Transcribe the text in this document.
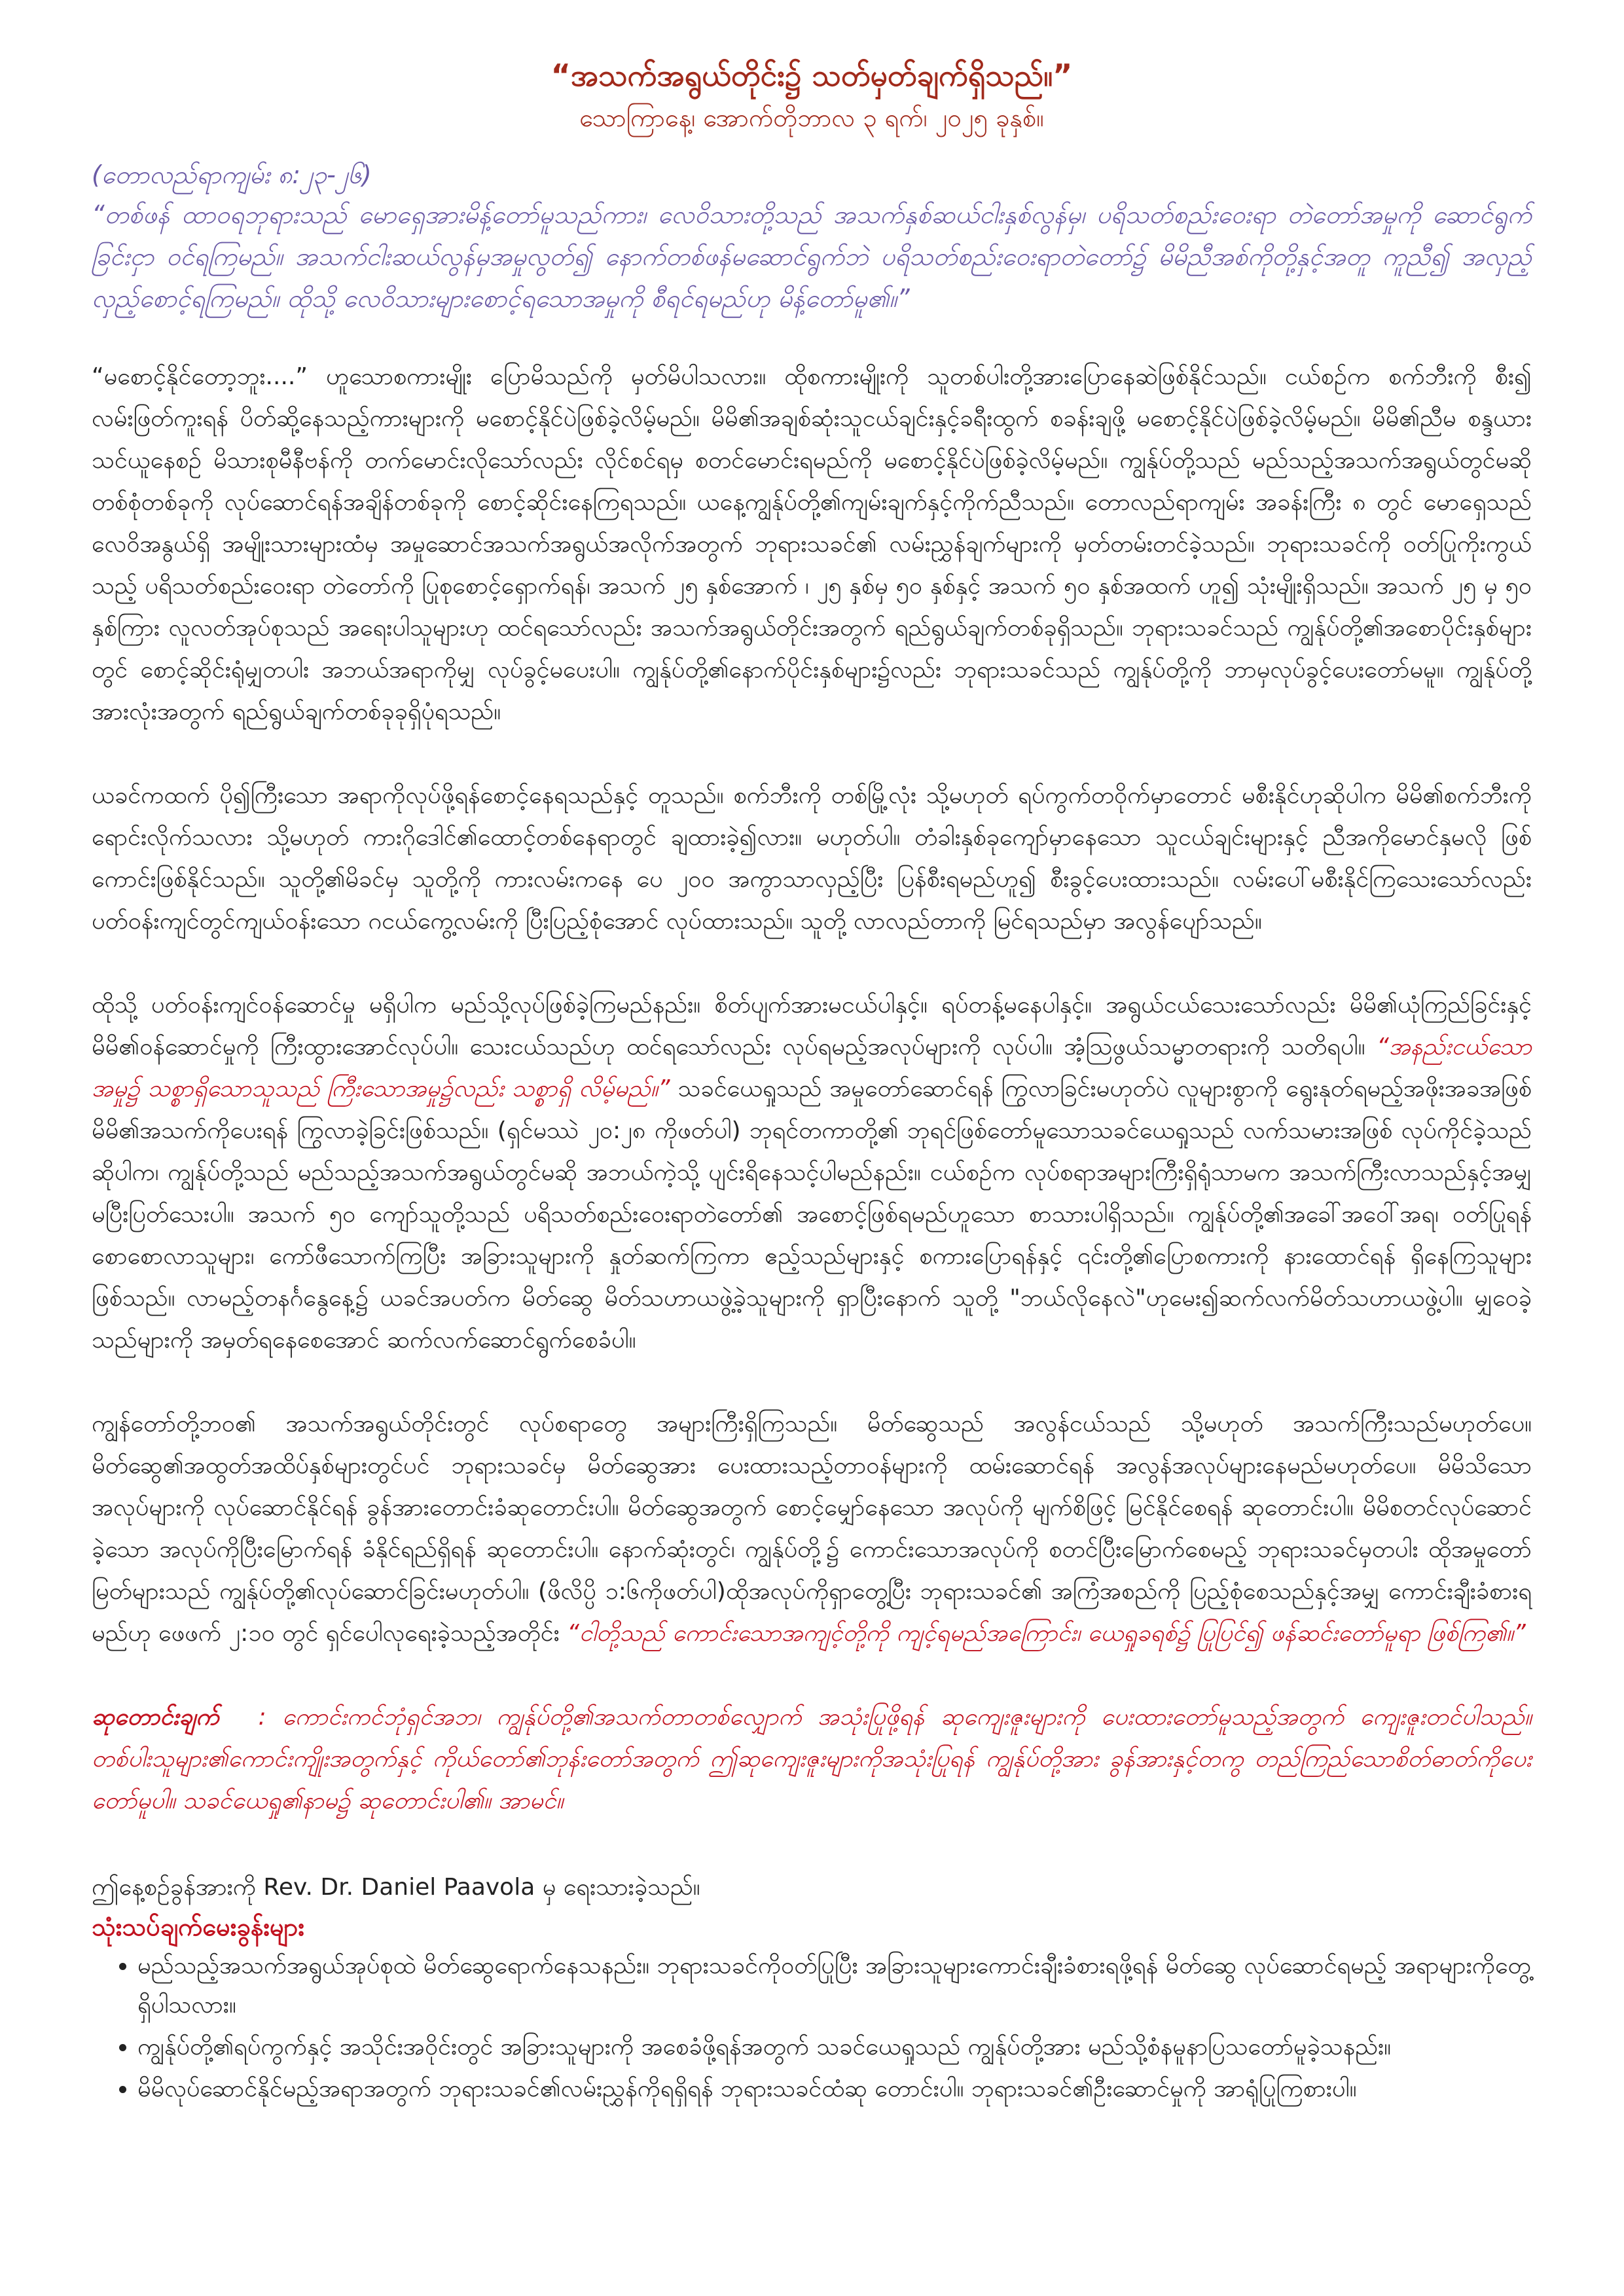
“အသက်အရွယ်တိုင်း၌ သတ်မှတ်ချက်ရှိသည်။”

သောကြာနေ့၊ အောက်တိုဘာလ ၃ ရက်၊ ၂၀၂၅ ခုနှစ်။

(တောလည်ရာကျမ်း ၈:၂၃-၂၆)

“တစ်ဖန် ထာဝရဘုရားသည် မောရှေအားမိန့်တော်မူသည်ကား၊ လေဝိသားတို့သည် အသက်နှစ်ဆယ်ငါးနှစ်လွန်မှ၊ ပရိသတ်စည်းဝေးရာ တဲတော်အမှုကို ဆောင်ရွက်ခြင်းငှာ ဝင်ရကြမည်။ အသက်ငါးဆယ်လွန်မှအမှုလွတ်၍ နောက်တစ်ဖန်မဆောင်ရွက်ဘဲ ပရိသတ်စည်းဝေးရာတဲတော်၌ မိမိညီအစ်ကိုတို့နှင့်အတူ ကူညီ၍ အလှည့်လှည့်စောင့်ရကြမည်။ ထိုသို့ လေဝိသားများစောင့်ရသောအမှုကို စီရင်ရမည်ဟု မိန့်တော်မူ၏။”

“မစောင့်နိုင်တော့ဘူး....” ဟူသောစကားမျိုး ပြောမိသည်ကို မှတ်မိပါသလား။ ထိုစကားမျိုးကို သူတစ်ပါးတို့အားပြောနေဆဲဖြစ်နိုင်သည်။ ငယ်စဉ်က စက်ဘီးကို စီး၍ လမ်းဖြတ်ကူးရန် ပိတ်ဆို့နေသည့်ကားများကို မစောင့်နိုင်ပဲဖြစ်ခဲ့လိမ့်မည်။ မိမိ၏အချစ်ဆုံးသူငယ်ချင်းနှင့်ခရီးထွက် စခန်းချဖို့ မစောင့်နိုင်ပဲဖြစ်ခဲ့လိမ့်မည်။ မိမိ၏ညီမ စန္ဒယားသင်ယူနေစဉ် မိသားစုမီနီဗန်ကို တက်မောင်းလိုသော်လည်း လိုင်စင်ရမှ စတင်မောင်းရမည်ကို မစောင့်နိုင်ပဲဖြစ်ခဲ့လိမ့်မည်။ ကျွန်ုပ်တို့သည် မည်သည့်အသက်အရွယ်တွင်မဆို တစ်စုံတစ်ခုကို လုပ်ဆောင်ရန်အချိန်တစ်ခုကို စောင့်ဆိုင်းနေကြရသည်။ ယနေ့ကျွန်ုပ်တို့၏ကျမ်းချက်နှင့်ကိုက်ညီသည်။ တောလည်ရာကျမ်း အခန်းကြီး ၈ တွင် မောရှေသည် လေဝိအနွယ်ရှိ အမျိုးသားများထံမှ အမှုဆောင်အသက်အရွယ်အလိုက်အတွက် ဘုရားသခင်၏ လမ်းညွှန်ချက်များကို မှတ်တမ်းတင်ခဲ့သည်။ ဘုရားသခင်ကို ဝတ်ပြုကိုးကွယ်သည့် ပရိသတ်စည်းဝေးရာ တဲတော်ကို ပြုစုစောင့်ရှောက်ရန်၊ အသက် ၂၅ နှစ်အောက် ၊ ၂၅ နှစ်မှ ၅၀ နှစ်နှင့် အသက် ၅၀ နှစ်အထက် ဟူ၍ သုံးမျိုးရှိသည်။ အသက် ၂၅ မှ ၅၀ နှစ်ကြား လူလတ်အုပ်စုသည် အရေးပါသူများဟု ထင်ရသော်လည်း အသက်အရွယ်တိုင်းအတွက် ရည်ရွယ်ချက်တစ်ခုရှိသည်။ ဘုရားသခင်သည် ကျွန်ုပ်တို့၏အစောပိုင်းနှစ်များတွင် စောင့်ဆိုင်းရုံမျှတပါး အဘယ်အရာကိုမျှ လုပ်ခွင့်မပေးပါ။ ကျွန်ုပ်တို့၏နောက်ပိုင်းနှစ်များ၌လည်း ဘုရားသခင်သည် ကျွန်ုပ်တို့ကို ဘာမှလုပ်ခွင့်ပေးတော်မမူ။ ကျွန်ုပ်တို့အားလုံးအတွက် ရည်ရွယ်ချက်တစ်ခုခုရှိပုံရသည်။

ယခင်ကထက် ပို၍ကြီးသော အရာကိုလုပ်ဖို့ရန်စောင့်နေရသည်နှင့် တူသည်။ စက်ဘီးကို တစ်မြို့လုံး သို့မဟုတ် ရပ်ကွက်တဝိုက်မှာတောင် မစီးနိုင်ဟုဆိုပါက မိမိ၏စက်ဘီးကို ရောင်းလိုက်သလား သို့မဟုတ် ကားဂိုဒေါင်၏ထောင့်တစ်နေရာတွင် ချထားခဲ့၍လား။ မဟုတ်ပါ။ တံခါးနှစ်ခုကျော်မှာနေသော သူငယ်ချင်းများနှင့် ညီအကိုမောင်နှမလို ဖြစ်ကောင်းဖြစ်နိုင်သည်။ သူတို့၏မိခင်မှ သူတို့ကို ကားလမ်းကနေ ပေ ၂၀၀ အကွာသာလှည့်ပြီး ပြန်စီးရမည်ဟူ၍ စီးခွင့်ပေးထားသည်။ လမ်းပေါ်မစီးနိုင်ကြသေးသော်လည်း ပတ်ဝန်းကျင်တွင်ကျယ်ဝန်းသော ဂငယ်ကွေ့လမ်းကို ပြီးပြည့်စုံအောင် လုပ်ထားသည်။ သူတို့ လာလည်တာကို မြင်ရသည်မှာ အလွန်ပျော်သည်။

ထိုသို့ ပတ်ဝန်းကျင်ဝန်ဆောင်မှု မရှိပါက မည်သို့လုပ်ဖြစ်ခဲ့ကြမည်နည်း။ စိတ်ပျက်အားမငယ်ပါနှင့်။ ရပ်တန့်မနေပါနှင့်။ အရွယ်ငယ်သေးသော်လည်း မိမိ၏ယုံကြည်ခြင်းနှင့်မိမိ၏ဝန်ဆောင်မှုကို ကြီးထွားအောင်လုပ်ပါ။ သေးငယ်သည်ဟု ထင်ရသော်လည်း လုပ်ရမည့်အလုပ်များကို လုပ်ပါ။ အံ့သြဖွယ်သမ္မာတရားကို သတိရပါ။ “အနည်းငယ်သော အမှု၌ သစ္စာရှိသောသူသည် ကြီးသောအမှု၌လည်း သစ္စာရှိ လိမ့်မည်။” သခင်ယေရှုသည် အမှုတော်ဆောင်ရန် ကြွလာခြင်းမဟုတ်ပဲ လူများစွာကို ရွေးနုတ်ရမည့်အဖိုးအခအဖြစ် မိမိ၏အသက်ကိုပေးရန် ကြွလာခဲ့ခြင်းဖြစ်သည်။ (ရှင်မဿဲ ၂၀:၂၈ ကိုဖတ်ပါ) ဘုရင်တကာတို့၏ ဘုရင်ဖြစ်တော်မူသောသခင်ယေရှုသည် လက်သမားအဖြစ် လုပ်ကိုင်ခဲ့သည်ဆိုပါက၊ ကျွန်ုပ်တို့သည် မည်သည့်အသက်အရွယ်တွင်မဆို အဘယ်ကဲ့သို့ ပျင်းရိနေသင့်ပါမည်နည်း။ ငယ်စဉ်က လုပ်စရာအများကြီးရှိရုံသာမက အသက်ကြီးလာသည်နှင့်အမျှ မပြီးပြတ်သေးပါ။ အသက် ၅၀ ကျော်သူတို့သည် ပရိသတ်စည်းဝေးရာတဲတော်၏ အစောင့်ဖြစ်ရမည်ဟူသော စာသားပါရှိသည်။ ကျွန်ုပ်တို့၏အခေါ်အဝေါ်အရ၊ ဝတ်ပြုရန် စောစောလာသူများ၊ ကော်ဖီသောက်ကြပြီး အခြားသူများကို နှုတ်ဆက်ကြကာ ဧည့်သည်များနှင့် စကားပြောရန်နှင့် ၎င်းတို့၏ပြောစကားကို နားထောင်ရန် ရှိနေကြသူများဖြစ်သည်။ လာမည့်တနင်္ဂနွေနေ့၌ ယခင်အပတ်က မိတ်ဆွေ မိတ်သဟာယဖွဲ့ခဲ့သူများကို ရှာပြီးနောက် သူတို့ "ဘယ်လိုနေလဲ"ဟုမေး၍ဆက်လက်မိတ်သဟာယဖွဲ့ပါ။ မျှဝေခဲ့သည်များကို အမှတ်ရနေစေအောင် ဆက်လက်ဆောင်ရွက်စေခံပါ။

ကျွန်တော်တို့ဘဝ၏ အသက်အရွယ်တိုင်းတွင် လုပ်စရာတွေ အများကြီးရှိကြသည်။ မိတ်ဆွေသည် အလွန်ငယ်သည် သို့မဟုတ် အသက်ကြီးသည်မဟုတ်ပေ။ မိတ်ဆွေ၏အထွတ်အထိပ်နှစ်များတွင်ပင် ဘုရားသခင်မှ မိတ်ဆွေအား ပေးထားသည့်တာဝန်များကို ထမ်းဆောင်ရန် အလွန်အလုပ်များနေမည်မဟုတ်ပေ။ မိမိသိသောအလုပ်များကို လုပ်ဆောင်နိုင်ရန် ခွန်အားတောင်းခံဆုတောင်းပါ။ မိတ်ဆွေအတွက် စောင့်မျှော်နေသော အလုပ်ကို မျက်စိဖြင့် မြင်နိုင်စေရန် ဆုတောင်းပါ။ မိမိစတင်လုပ်ဆောင်ခဲ့သော အလုပ်ကိုပြီးမြောက်ရန် ခံနိုင်ရည်ရှိရန် ဆုတောင်းပါ။ နောက်ဆုံးတွင်၊ ကျွန်ုပ်တို့၌ ကောင်းသောအလုပ်ကို စတင်ပြီးမြောက်စေမည့် ဘုရားသခင်မှတပါး ထိုအမှုတော်မြတ်များသည် ကျွန်ုပ်တို့၏လုပ်ဆောင်ခြင်းမဟုတ်ပါ။ (ဖိလိပ္ပိ ၁:၆ကိုဖတ်ပါ)ထိုအလုပ်ကိုရှာတွေ့ပြီး ဘုရားသခင်၏ အကြံအစည်ကို ပြည့်စုံစေသည်နှင့်အမျှ ကောင်းချီးခံစားရမည်ဟု ဖေဖက် ၂:၁၀ တွင် ရှင်ပေါလုရေးခဲ့သည့်အတိုင်း “ငါတို့သည် ကောင်းသောအကျင့်တို့ကို ကျင့်ရမည်အကြောင်း၊ ယေရှုခရစ်၌ ပြုပြင်၍ ဖန်ဆင်းတော်မူရာ ဖြစ်ကြ၏။”

ဆုတောင်းချက် : ကောင်းကင်ဘုံရှင်အဘ၊ ကျွန်ုပ်တို့၏အသက်တာတစ်လျှောက် အသုံးပြုဖို့ရန် ဆုကျေးဇူးများကို ပေးထားတော်မူသည့်အတွက် ကျေးဇူးတင်ပါသည်။ တစ်ပါးသူများ၏ကောင်းကျိုးအတွက်နှင့် ကိုယ်တော်၏ဘုန်းတော်အတွက် ဤဆုကျေးဇူးများကိုအသုံးပြုရန် ကျွန်ုပ်တို့အား ခွန်အားနှင့်တကွ တည်ကြည်သောစိတ်ဓာတ်ကိုပေးတော်မူပါ။ သခင်ယေရှု၏နာမ၌ ဆုတောင်းပါ၏။ အာမင်။

ဤနေ့စဉ်ခွန်အားကို Rev. Dr. Daniel Paavola မှ ရေးသားခဲ့သည်။

သုံးသပ်ချက်မေးခွန်းများ

• မည်သည့်အသက်အရွယ်အုပ်စုထဲ မိတ်ဆွေရောက်နေသနည်း။ ဘုရားသခင်ကိုဝတ်ပြုပြီး အခြားသူများကောင်းချီးခံစားရဖို့ရန် မိတ်ဆွေ လုပ်ဆောင်ရမည့် အရာများကိုတွေ့ရှိပါသလား။
• ကျွန်ုပ်တို့၏ရပ်ကွက်နှင့် အသိုင်းအဝိုင်းတွင် အခြားသူများကို အစေခံဖို့ရန်အတွက် သခင်ယေရှုသည် ကျွန်ုပ်တို့အား မည်သို့စံနမူနာပြသတော်မူခဲ့သနည်း။
• မိမိလုပ်ဆောင်နိုင်မည့်အရာအတွက် ဘုရားသခင်၏လမ်းညွှန်ကိုရရှိရန် ဘုရားသခင်ထံဆု တောင်းပါ။ ဘုရားသခင်၏ဦးဆောင်မှုကို အာရုံပြုကြစားပါ။
